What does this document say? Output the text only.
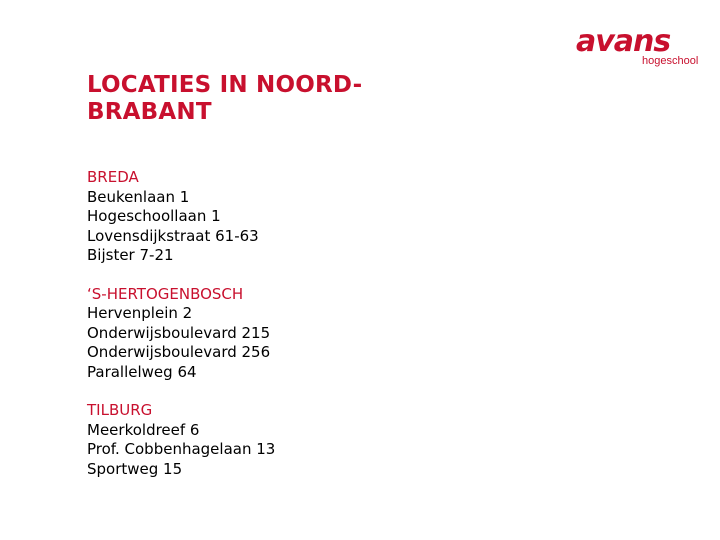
avans
hogeschool
LOCATIES IN NOORD-BRABANT
BREDA
Beukenlaan 1
Hogeschoollaan 1
Lovensdijkstraat 61-63
Bijster 7-21
‘S-HERTOGENBOSCH
Hervenplein 2
Onderwijsboulevard 215
Onderwijsboulevard 256
Parallelweg 64
TILBURG
Meerkoldreef 6
Prof. Cobbenhagelaan 13
Sportweg 15
